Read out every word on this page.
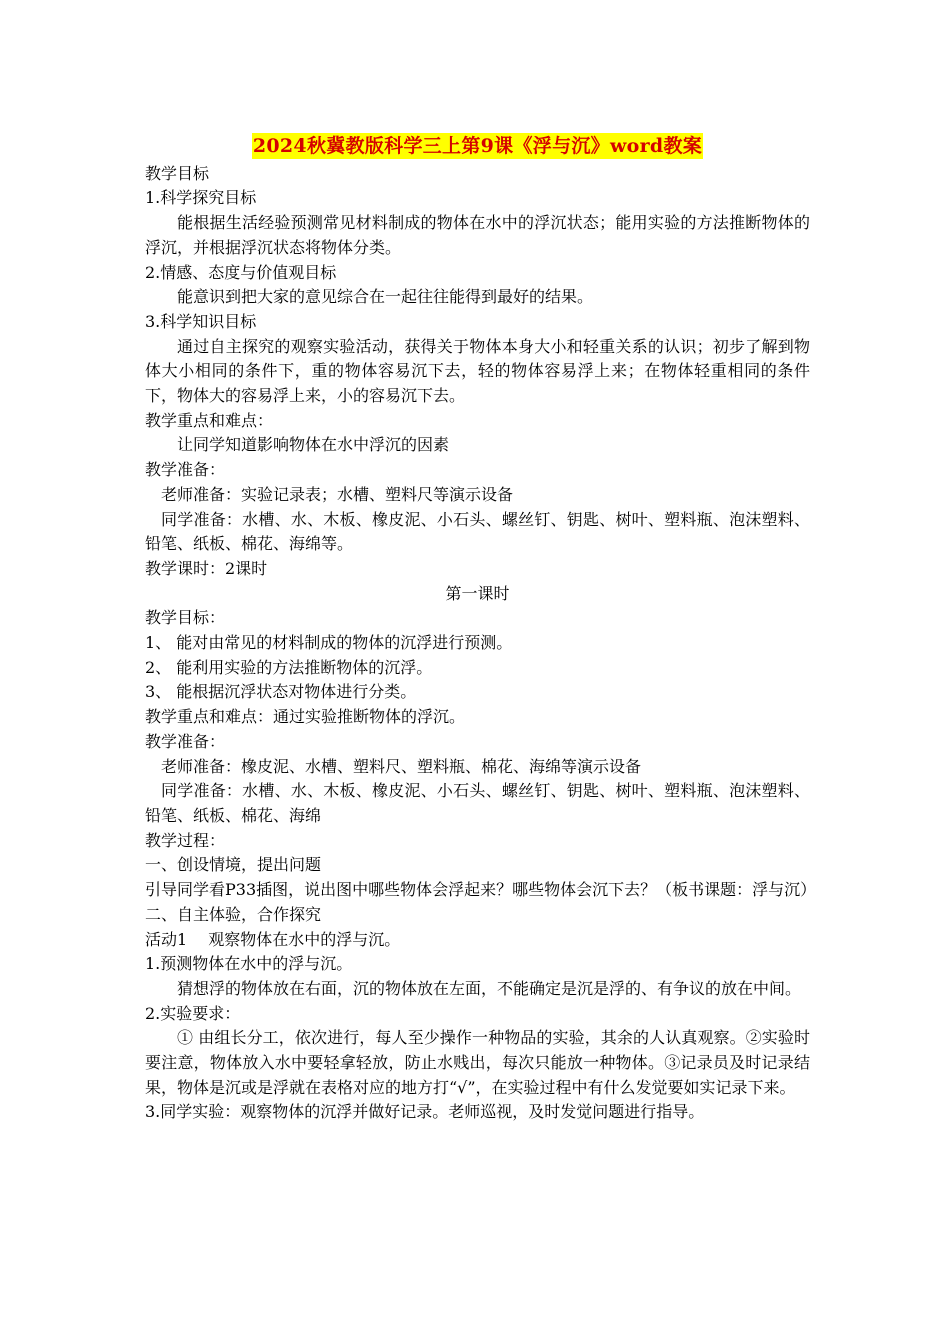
2024秋冀教版科学三上第9课《浮与沉》word教案

教学目标

1.科学探究目标

能根据生活经验预测常见材料制成的物体在水中的浮沉状态；能用实验的方法推断物体的浮沉，并根据浮沉状态将物体分类。

2.情感、态度与价值观目标

能意识到把大家的意见综合在一起往往能得到最好的结果。

3.科学知识目标

通过自主探究的观察实验活动，获得关于物体本身大小和轻重关系的认识；初步了解到物体大小相同的条件下，重的物体容易沉下去，轻的物体容易浮上来；在物体轻重相同的条件下，物体大的容易浮上来，小的容易沉下去。

教学重点和难点：

让同学知道影响物体在水中浮沉的因素

教学准备：

老师准备：实验记录表；水槽、塑料尺等演示设备

同学准备：水槽、水、木板、橡皮泥、小石头、螺丝钉、钥匙、树叶、塑料瓶、泡沫塑料、铅笔、纸板、棉花、海绵等。

教学课时：2课时

第一课时

教学目标：

1、 能对由常见的材料制成的物体的沉浮进行预测。

2、 能利用实验的方法推断物体的沉浮。

3、 能根据沉浮状态对物体进行分类。

教学重点和难点：通过实验推断物体的浮沉。

教学准备：

老师准备：橡皮泥、水槽、塑料尺、塑料瓶、棉花、海绵等演示设备

同学准备：水槽、水、木板、橡皮泥、小石头、螺丝钉、钥匙、树叶、塑料瓶、泡沫塑料、铅笔、纸板、棉花、海绵

教学过程：

一、创设情境，提出问题

引导同学看P33插图，说出图中哪些物体会浮起来？哪些物体会沉下去？（板书课题：浮与沉）

二、自主体验，合作探究

活动1　 观察物体在水中的浮与沉。

1.预测物体在水中的浮与沉。

猜想浮的物体放在右面，沉的物体放在左面，不能确定是沉是浮的、有争议的放在中间。

2.实验要求：

① 由组长分工，依次进行，每人至少操作一种物品的实验，其余的人认真观察。②实验时要注意，物体放入水中要轻拿轻放，防止水贱出，每次只能放一种物体。③记录员及时记录结果，物体是沉或是浮就在表格对应的地方打“√”，在实验过程中有什么发觉要如实记录下来。

3.同学实验：观察物体的沉浮并做好记录。老师巡视，及时发觉问题进行指导。
